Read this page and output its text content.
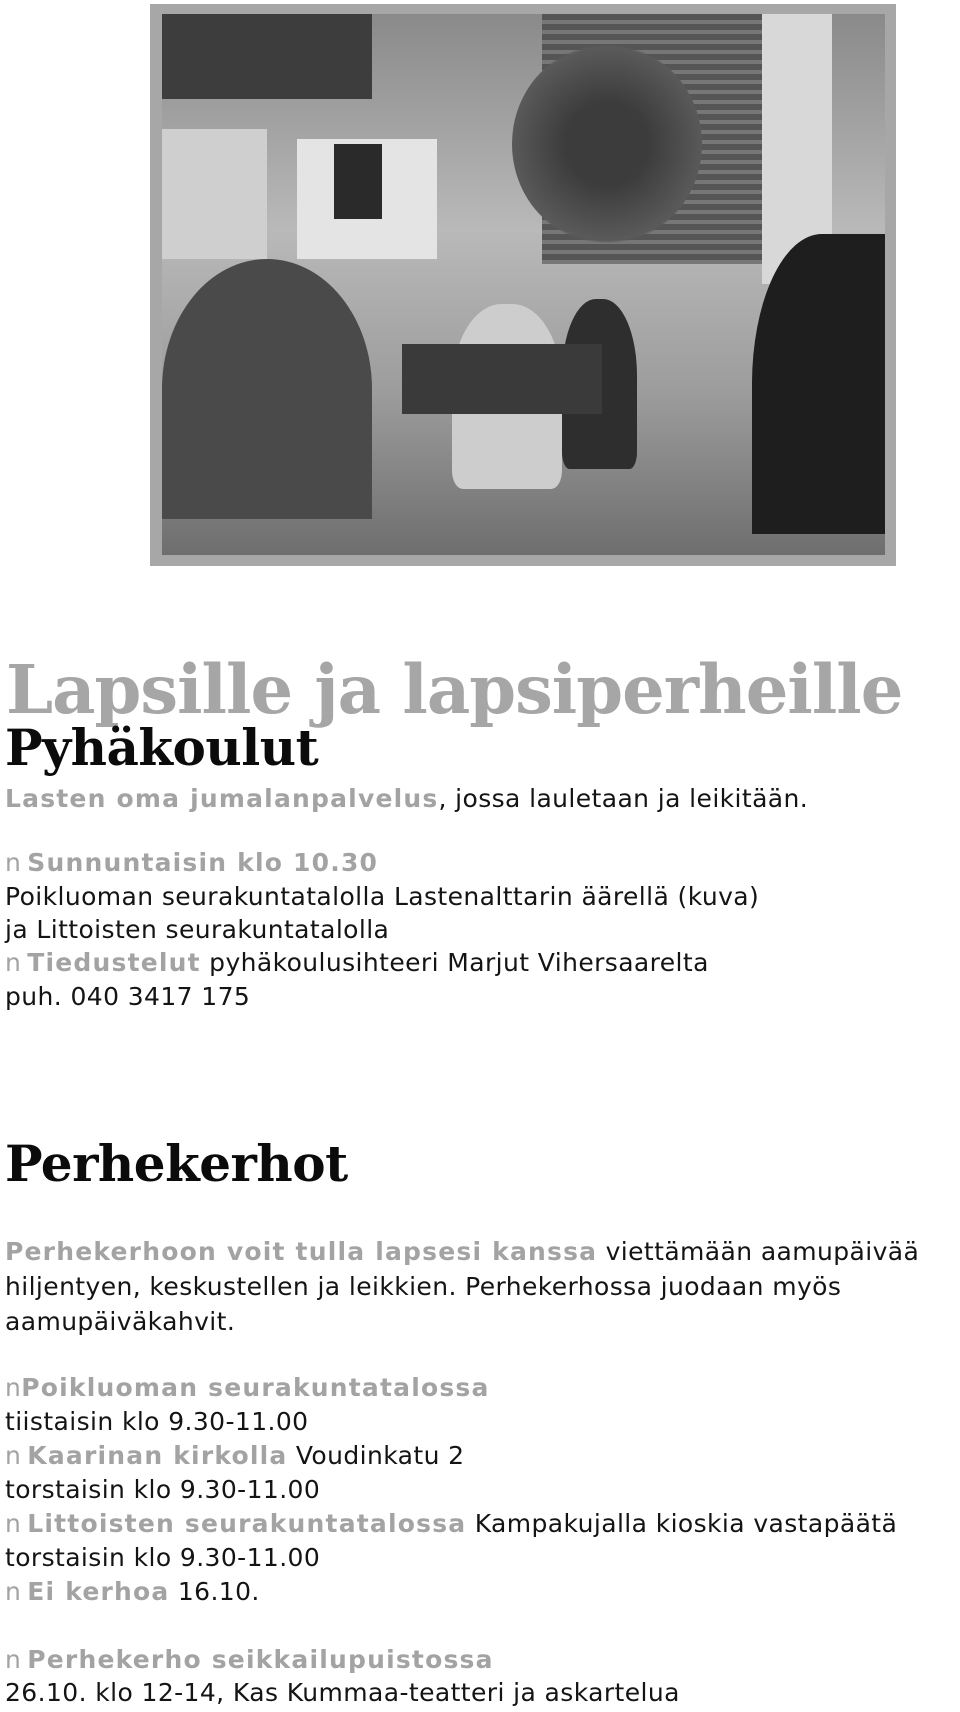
Lapsille ja lapsiperheille
Pyhäkoulut

Lasten oma jumalanpalvelus, jossa lauletaan ja leikitään.

n Sunnuntaisin klo 10.30

Poikluoman seurakuntatalolla Lastenalttarin äärellä (kuva)

ja Littoisten seurakuntatalolla

n Tiedustelut pyhäkoulusihteeri Marjut Vihersaarelta

puh. 040 3417 175

Perhekerhot

Perhekerhoon voit tulla lapsesi kanssa viettämään aamupäivää

hiljentyen, keskustellen ja leikkien. Perhekerhossa juodaan myös

aamupäiväkahvit.

nPoikluoman seurakuntatalossa

tiistaisin klo 9.30-11.00

n Kaarinan kirkolla Voudinkatu 2

torstaisin klo 9.30-11.00

n Littoisten seurakuntatalossa Kampakujalla kioskia vastapäätä

torstaisin klo 9.30-11.00

n Ei kerhoa 16.10.

n Perhekerho seikkailupuistossa

26.10. klo 12-14, Kas Kummaa-teatteri ja askartelua
